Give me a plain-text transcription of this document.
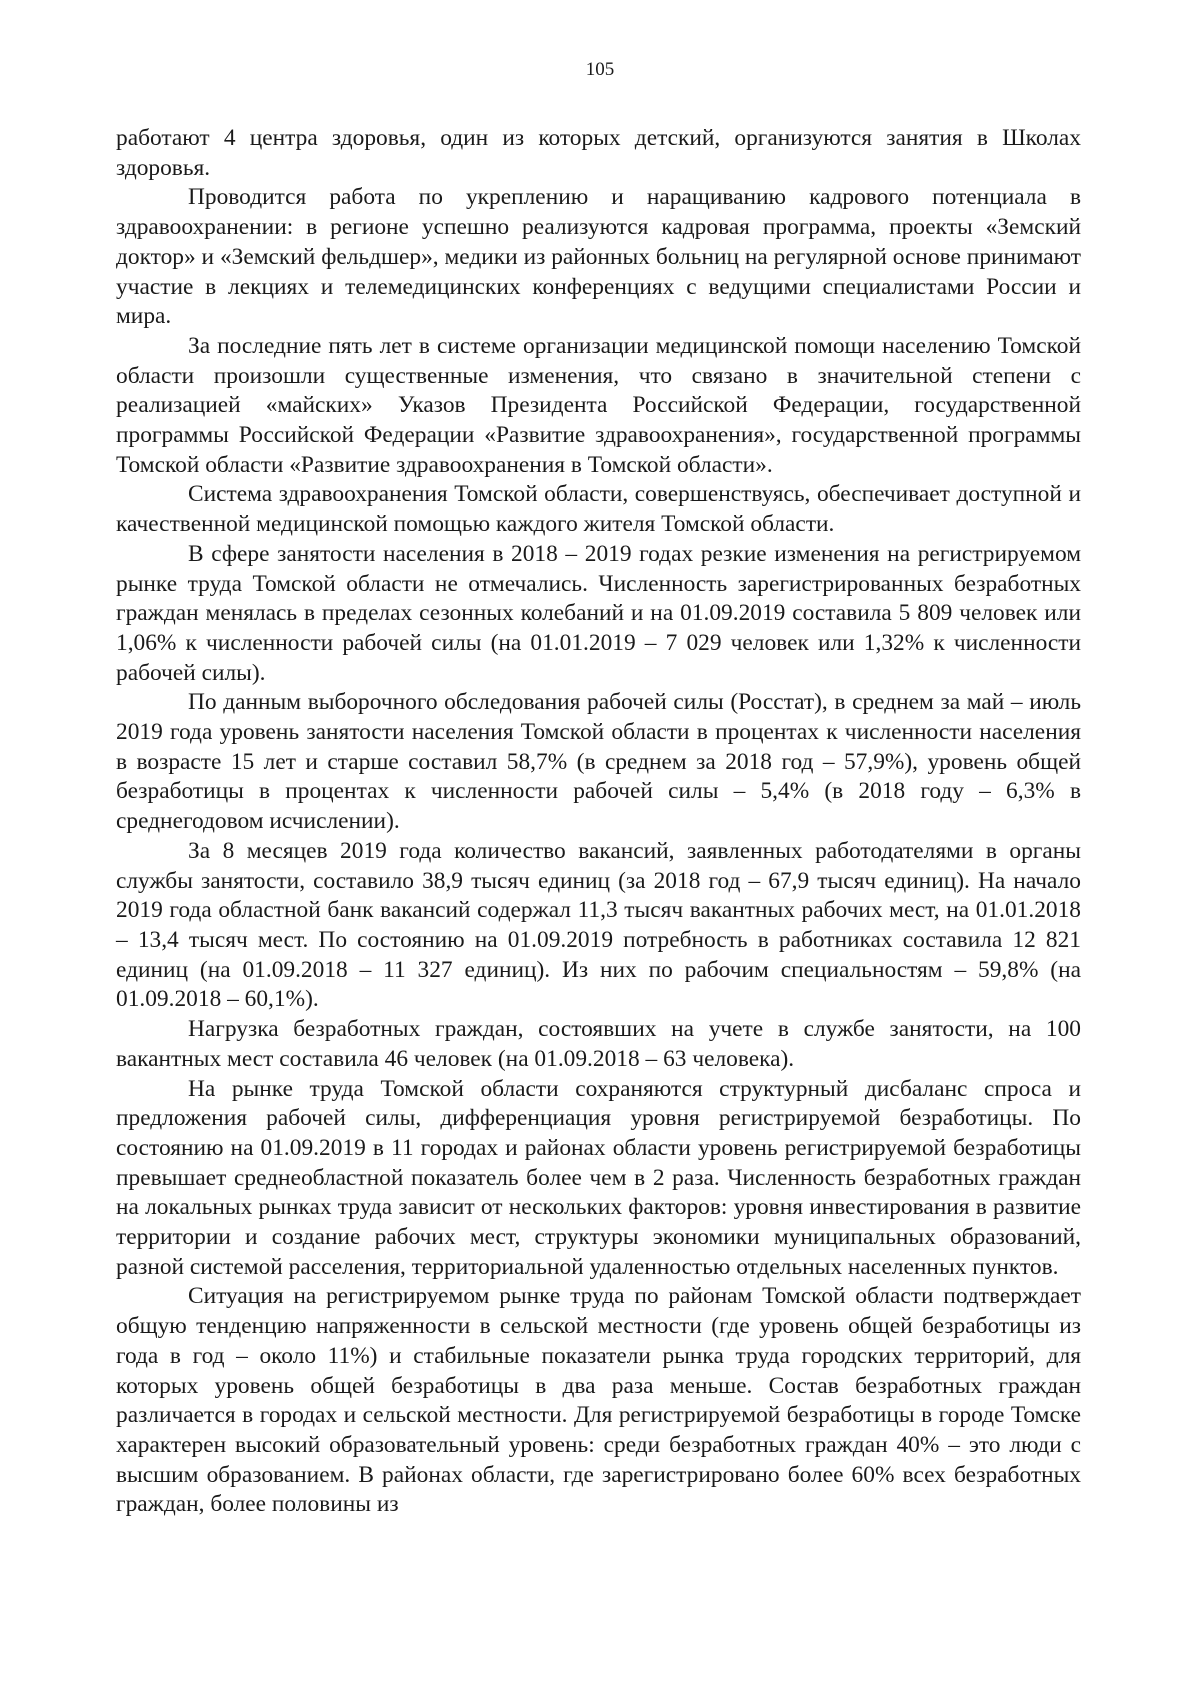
105

работают 4 центра здоровья, один из которых детский, организуются занятия в Школах здоровья.

Проводится работа по укреплению и наращиванию кадрового потенциала в здравоохранении: в регионе успешно реализуются кадровая программа, проекты «Земский доктор» и «Земский фельдшер», медики из районных больниц на регулярной основе принимают участие в лекциях и телемедицинских конференциях с ведущими специалистами России и мира.

За последние пять лет в системе организации медицинской помощи населению Томской области произошли существенные изменения, что связано в значительной степени с реализацией «майских» Указов Президента Российской Федерации, государственной программы Российской Федерации «Развитие здравоохранения», государственной программы Томской области «Развитие здравоохранения в Томской области».

Система здравоохранения Томской области, совершенствуясь, обеспечивает доступной и качественной медицинской помощью каждого жителя Томской области.

В сфере занятости населения в 2018 – 2019 годах резкие изменения на регистрируемом рынке труда Томской области не отмечались. Численность зарегистрированных безработных граждан менялась в пределах сезонных колебаний и на 01.09.2019 составила 5 809 человек или 1,06% к численности рабочей силы (на 01.01.2019 – 7 029 человек или 1,32% к численности рабочей силы).

По данным выборочного обследования рабочей силы (Росстат), в среднем за май – июль 2019 года уровень занятости населения Томской области в процентах к численности населения в возрасте 15 лет и старше составил 58,7% (в среднем за 2018 год – 57,9%), уровень общей безработицы в процентах к численности рабочей силы – 5,4% (в 2018 году – 6,3% в среднегодовом исчислении).

За 8 месяцев 2019 года количество вакансий, заявленных работодателями в органы службы занятости, составило 38,9 тысяч единиц (за 2018 год – 67,9 тысяч единиц). На начало 2019 года областной банк вакансий содержал 11,3 тысяч вакантных рабочих мест, на 01.01.2018 – 13,4 тысяч мест. По состоянию на 01.09.2019 потребность в работниках составила 12 821 единиц (на 01.09.2018 – 11 327 единиц). Из них по рабочим специальностям – 59,8% (на 01.09.2018 – 60,1%).

Нагрузка безработных граждан, состоявших на учете в службе занятости, на 100 вакантных мест составила 46 человек (на 01.09.2018 – 63 человека).

На рынке труда Томской области сохраняются структурный дисбаланс спроса и предложения рабочей силы, дифференциация уровня регистрируемой безработицы. По состоянию на 01.09.2019 в 11 городах и районах области уровень регистрируемой безработицы превышает среднеобластной показатель более чем в 2 раза. Численность безработных граждан на локальных рынках труда зависит от нескольких факторов: уровня инвестирования в развитие территории и создание рабочих мест, структуры экономики муниципальных образований, разной системой расселения, территориальной удаленностью отдельных населенных пунктов.

Ситуация на регистрируемом рынке труда по районам Томской области подтверждает общую тенденцию напряженности в сельской местности (где уровень общей безработицы из года в год – около 11%) и стабильные показатели рынка труда городских территорий, для которых уровень общей безработицы в два раза меньше. Состав безработных граждан различается в городах и сельской местности. Для регистрируемой безработицы в городе Томске характерен высокий образовательный уровень: среди безработных граждан 40% – это люди с высшим образованием. В районах области, где зарегистрировано более 60% всех безработных граждан, более половины из
